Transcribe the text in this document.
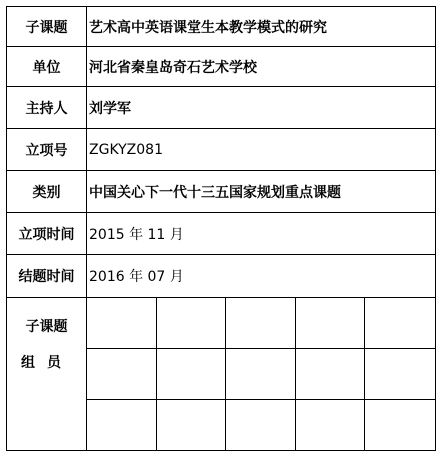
子课题	艺术高中英语课堂生本教学模式的研究
单位	河北省秦皇岛奇石艺术学校
主持人	刘学军
立项号	ZGKYZ081
类别	中国关心下一代十三五国家规划重点课题
立项时间	2015 年 11 月
结题时间	2016 年 07 月
子课题
组员
